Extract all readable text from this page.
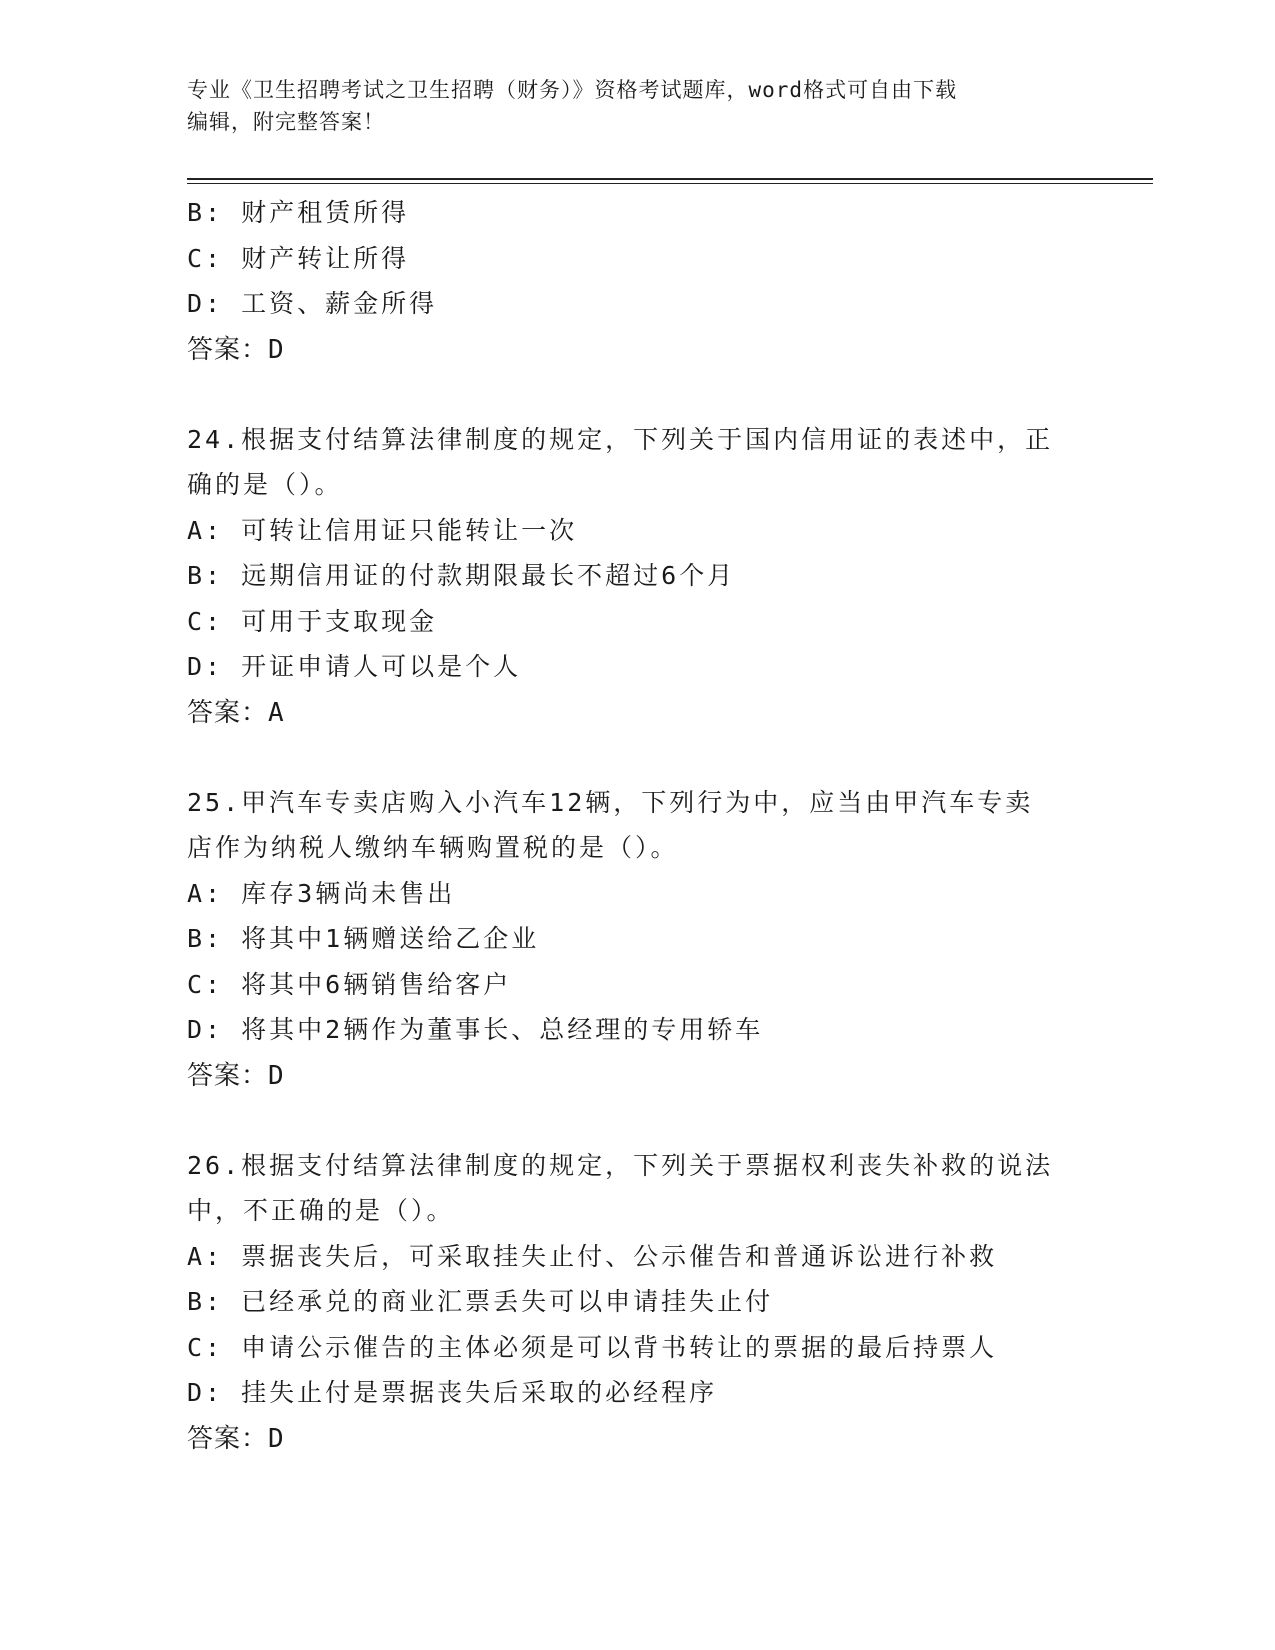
专业《卫生招聘考试之卫生招聘（财务）》资格考试题库，word格式可自由下载
编辑，附完整答案！
B: 财产租赁所得
C: 财产转让所得
D: 工资、薪金所得
答案：D
24.根据支付结算法律制度的规定，下列关于国内信用证的表述中，正
确的是（）。
A: 可转让信用证只能转让一次
B: 远期信用证的付款期限最长不超过6个月
C: 可用于支取现金
D: 开证申请人可以是个人
答案：A
25.甲汽车专卖店购入小汽车12辆，下列行为中，应当由甲汽车专卖
店作为纳税人缴纳车辆购置税的是（）。
A: 库存3辆尚未售出
B: 将其中1辆赠送给乙企业
C: 将其中6辆销售给客户
D: 将其中2辆作为董事长、总经理的专用轿车
答案：D
26.根据支付结算法律制度的规定，下列关于票据权利丧失补救的说法
中，不正确的是（）。
A: 票据丧失后，可采取挂失止付、公示催告和普通诉讼进行补救
B: 已经承兑的商业汇票丢失可以申请挂失止付
C: 申请公示催告的主体必须是可以背书转让的票据的最后持票人
D: 挂失止付是票据丧失后采取的必经程序
答案：D
